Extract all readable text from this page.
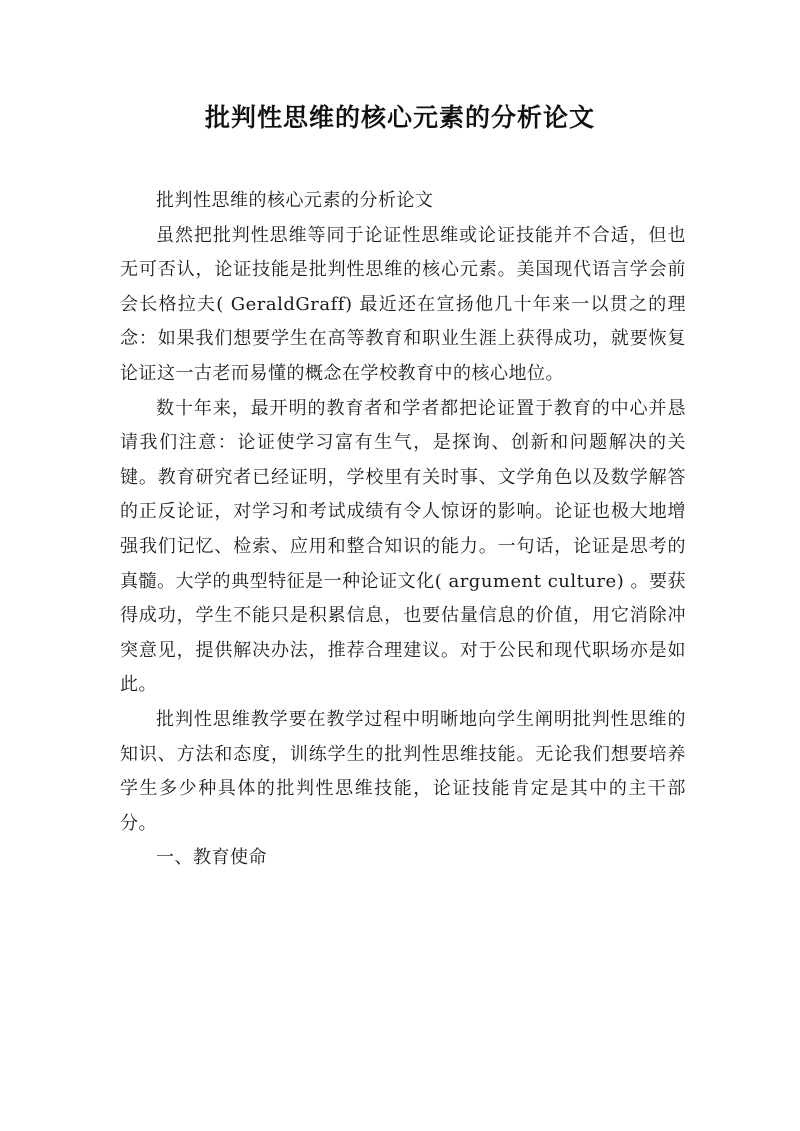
批判性思维的核心元素的分析论文

批判性思维的核心元素的分析论文

虽然把批判性思维等同于论证性思维或论证技能并不合适，但也无可否认，论证技能是批判性思维的核心元素。美国现代语言学会前会长格拉夫( GeraldGraff) 最近还在宣扬他几十年来一以贯之的理念：如果我们想要学生在高等教育和职业生涯上获得成功，就要恢复论证这一古老而易懂的概念在学校教育中的核心地位。

数十年来，最开明的教育者和学者都把论证置于教育的中心并恳请我们注意：论证使学习富有生气，是探询、创新和问题解决的关键。教育研究者已经证明，学校里有关时事、文学角色以及数学解答的正反论证，对学习和考试成绩有令人惊讶的影响。论证也极大地增强我们记忆、检索、应用和整合知识的能力。一句话，论证是思考的真髓。大学的典型特征是一种论证文化( argument culture) 。要获得成功，学生不能只是积累信息，也要估量信息的价值，用它消除冲突意见，提供解决办法，推荐合理建议。对于公民和现代职场亦是如此。

批判性思维教学要在教学过程中明晰地向学生阐明批判性思维的知识、方法和态度，训练学生的批判性思维技能。无论我们想要培养学生多少种具体的批判性思维技能，论证技能肯定是其中的主干部分。

一、教育使命
